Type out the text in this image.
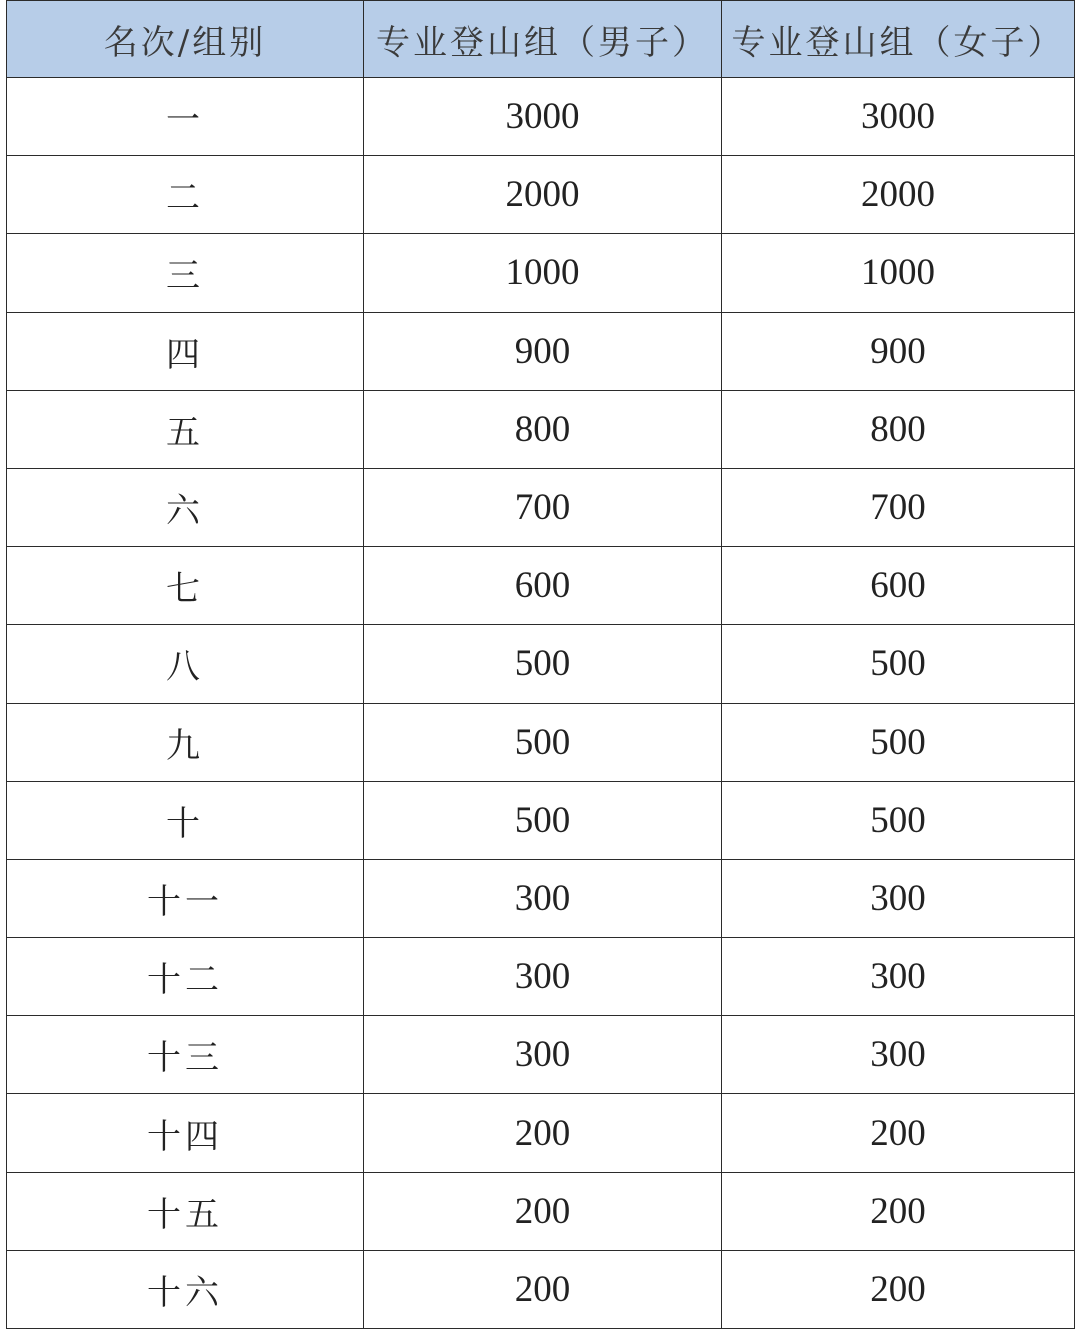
名次/组别	专业登山组（男子）	专业登山组（女子）
一	3000	3000
二	2000	2000
三	1000	1000
四	900	900
五	800	800
六	700	700
七	600	600
八	500	500
九	500	500
十	500	500
十一	300	300
十二	300	300
十三	300	300
十四	200	200
十五	200	200
十六	200	200
